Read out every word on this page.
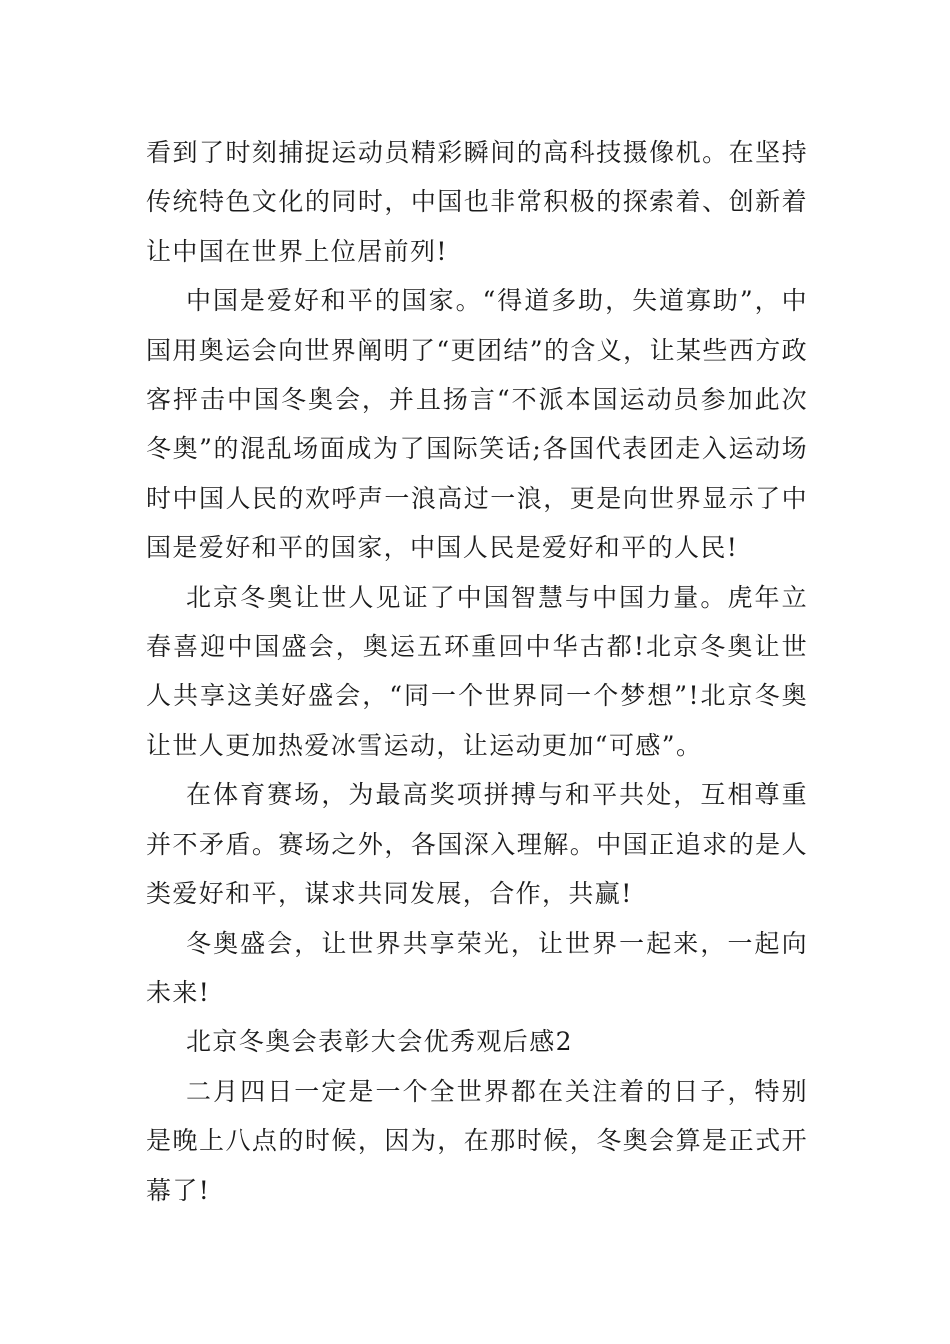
看到了时刻捕捉运动员精彩瞬间的高科技摄像机。在坚持传统特色文化的同时，中国也非常积极的探索着、创新着让中国在世界上位居前列!

中国是爱好和平的国家。“得道多助，失道寡助”，中国用奥运会向世界阐明了“更团结”的含义，让某些西方政客抨击中国冬奥会，并且扬言“不派本国运动员参加此次冬奥”的混乱场面成为了国际笑话;各国代表团走入运动场时中国人民的欢呼声一浪高过一浪，更是向世界显示了中国是爱好和平的国家，中国人民是爱好和平的人民!

北京冬奥让世人见证了中国智慧与中国力量。虎年立春喜迎中国盛会，奥运五环重回中华古都!北京冬奥让世人共享这美好盛会，“同一个世界同一个梦想”!北京冬奥让世人更加热爱冰雪运动，让运动更加“可感”。

在体育赛场，为最高奖项拼搏与和平共处，互相尊重并不矛盾。赛场之外，各国深入理解。中国正追求的是人类爱好和平，谋求共同发展，合作，共赢!

冬奥盛会，让世界共享荣光，让世界一起来，一起向未来!

北京冬奥会表彰大会优秀观后感2

二月四日一定是一个全世界都在关注着的日子，特别是晚上八点的时候，因为，在那时候，冬奥会算是正式开幕了!
